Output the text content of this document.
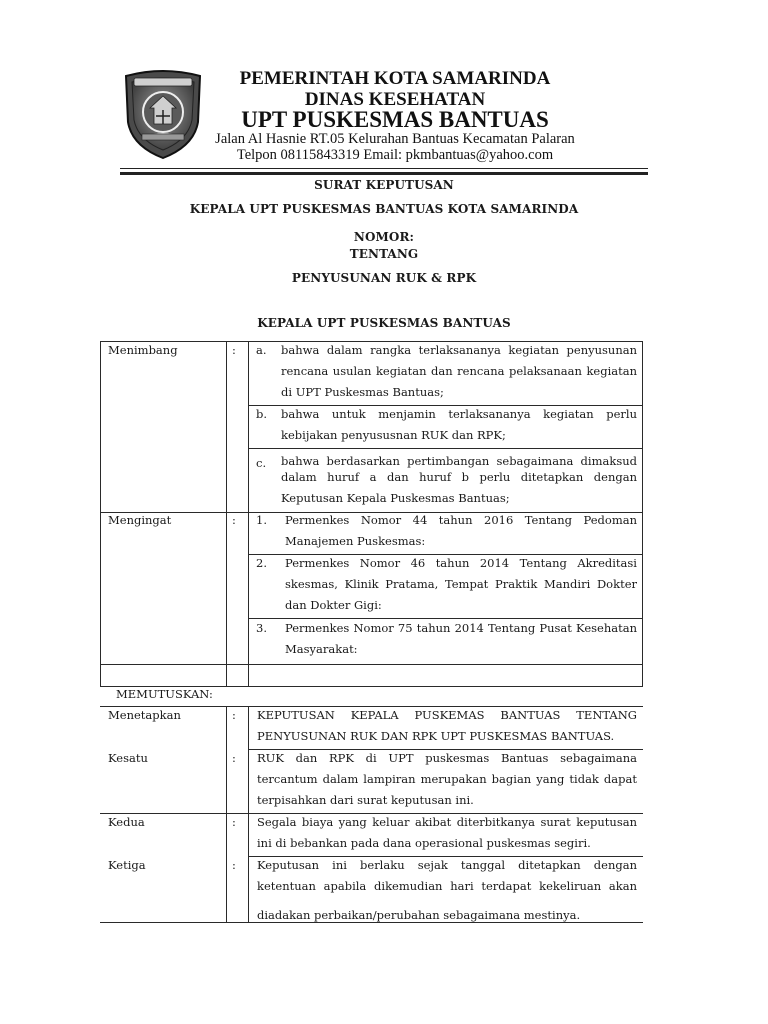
PEMERINTAH KOTA SAMARINDA
DINAS KESEHATAN
UPT PUSKESMAS BANTUAS
Jalan Al Hasnie RT.05 Kelurahan Bantuas Kecamatan Palaran
Telpon 08115843319 Email: pkmbantuas@yahoo.com
SURAT KEPUTUSAN
KEPALA UPT PUSKESMAS BANTUAS KOTA SAMARINDA
NOMOR:
TENTANG
PENYUSUNAN RUK & RPK
KEPALA UPT PUSKESMAS BANTUAS
Menimbang	:	a.	bahwa dalam rangka terlaksananya kegiatan penyusunan
rencana usulan kegiatan dan rencana pelaksanaan kegiatan
di UPT Puskesmas Bantuas;
b.	bahwa untuk menjamin terlaksananya kegiatan perlu
kebijakan penyususnan RUK dan RPK;
c.	bahwa berdasarkan pertimbangan sebagaimana dimaksud
dalam huruf a dan huruf b perlu ditetapkan dengan
Keputusan Kepala Puskesmas Bantuas;
Mengingat	:	1.	Permenkes Nomor 44 tahun 2016 Tentang Pedoman
Manajemen Puskesmas:
2.	Permenkes Nomor 46 tahun 2014 Tentang Akreditasi
skesmas, Klinik Pratama, Tempat Praktik Mandiri Dokter
dan Dokter Gigi:
3.	Permenkes Nomor 75 tahun 2014 Tentang Pusat Kesehatan
Masyarakat:
MEMUTUSKAN:
Menetapkan	:	KEPUTUSAN KEPALA PUSKEMAS BANTUAS TENTANG
PENYUSUNAN RUK DAN RPK UPT PUSKESMAS BANTUAS.
Kesatu	:	RUK dan RPK di UPT puskesmas Bantuas sebagaimana
tercantum dalam lampiran merupakan bagian yang tidak dapat
terpisahkan dari surat keputusan ini.
Kedua	:	Segala biaya yang keluar akibat diterbitkanya surat keputusan
ini di bebankan pada dana operasional puskesmas segiri.
Ketiga	:	Keputusan ini berlaku sejak tanggal ditetapkan dengan
ketentuan apabila dikemudian hari terdapat kekeliruan akan
diadakan perbaikan/perubahan sebagaimana mestinya.
